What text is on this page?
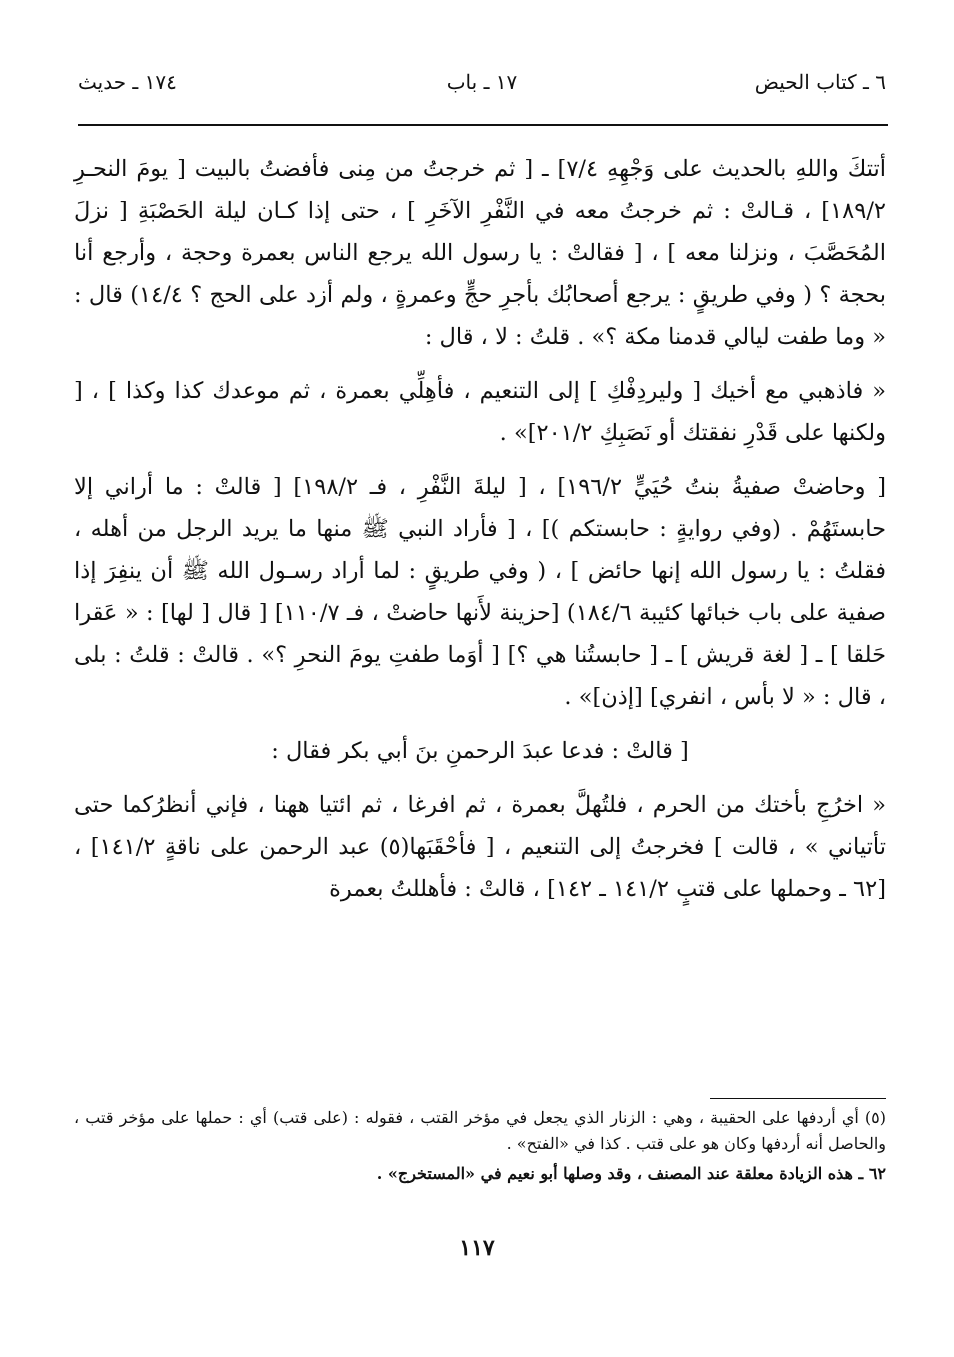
٦ ـ كتاب الحيض
١٧ ـ باب
١٧٤ ـ حديث

أتتكَ واللهِ بالحديث على وَجْهِهِ ٧/٤] ـ [ ثم خرجتُ من مِنى فأفضتُ بالبيت [ يومَ النحـرِ ١٨٩/٢] ، قـالتْ : ثم خرجتُ معه في النَّفْرِ الآخَرِ ] ، حتى إذا كـان ليلة الحَصْبَةِ [ نزلَ المُحَصَّبَ ، ونزلنا معه ] ، [ فقالتْ : يا رسول الله يرجع الناس بعمرة وحجة ، وأرجع أنا بحجة ؟ ( وفي طريقٍ : يرجع أصحابُك بأجرِ حجٍّ وعمرةٍ ، ولم أزد على الحج ؟ ١٤/٤) قال : « وما طفت ليالي قدمنا مكة ؟» . قلتُ : لا ، قال :

« فاذهبي مع أخيك [ وليردِفْكِ ] إلى التنعيم ، فأهِلِّي بعمرة ، ثم موعدك كذا وكذا ] ، [ ولكنها على قَدْرِ نفقتك أو نَصَبِكِ ٢٠١/٢]» .

[ وحاضتْ صفيةُ بنتُ حُيَيٍّ ١٩٦/٢] ، [ ليلةَ النَّفْرِ ، فـ ١٩٨/٢] [ قالتْ : ما أراني إلا حابستَهُمْ . (وفي روايةٍ : حابستكم )] ، [ فأراد النبي ﷺ منها ما يريد الرجل من أهله ، فقلتُ : يا رسول الله إنها حائض ] ، ( وفي طريقٍ : لما أراد رسـول الله ﷺ أن ينفِرَ إذا صفية على باب خبائها كئيبة ١٨٤/٦) [حزينة لأَنها حاضتْ ، فـ ١١٠/٧] [ قال [ لها] : « عَقرا حَلقا ] ـ [ لغة قريش ] ـ [ حابستُنا هي ؟] [ أوَما طفتِ يومَ النحرِ ؟» . قالتْ : قلتُ : بلى ، قال : « لا بأس ، انفري] [إذن]» .

[ قالتْ : فدعا عبدَ الرحمنِ بنَ أبي بكر فقال :

« اخرُجِ بأختك من الحرم ، فلتُهلَّ بعمرة ، ثم افرغا ، ثم ائتيا ههنا ، فإني أنظرُكما حتى تأتياني » ، قالت ] فخرجتُ إلى التنعيم ، [ فأحْقَبَها(٥) عبد الرحمن على ناقةٍ ١٤١/٢] ، [٦٢ ـ وحملها على قتبٍ ١٤١/٢ ـ ١٤٢] ، قالتْ : فأهللتُ بعمرة

(٥) أي أردفها على الحقيبة ، وهي : الزنار الذي يجعل في مؤخر القتب ، فقوله : (على قتب) أي : حملها على مؤخر قتب ، والحاصل أنه أردفها وكان هو على قتب . كذا في «الفتح» .

٦٢ ـ هذه الزيادة معلقة عند المصنف ، وقد وصلها أبو نعيم في «المستخرج» .

١١٧
